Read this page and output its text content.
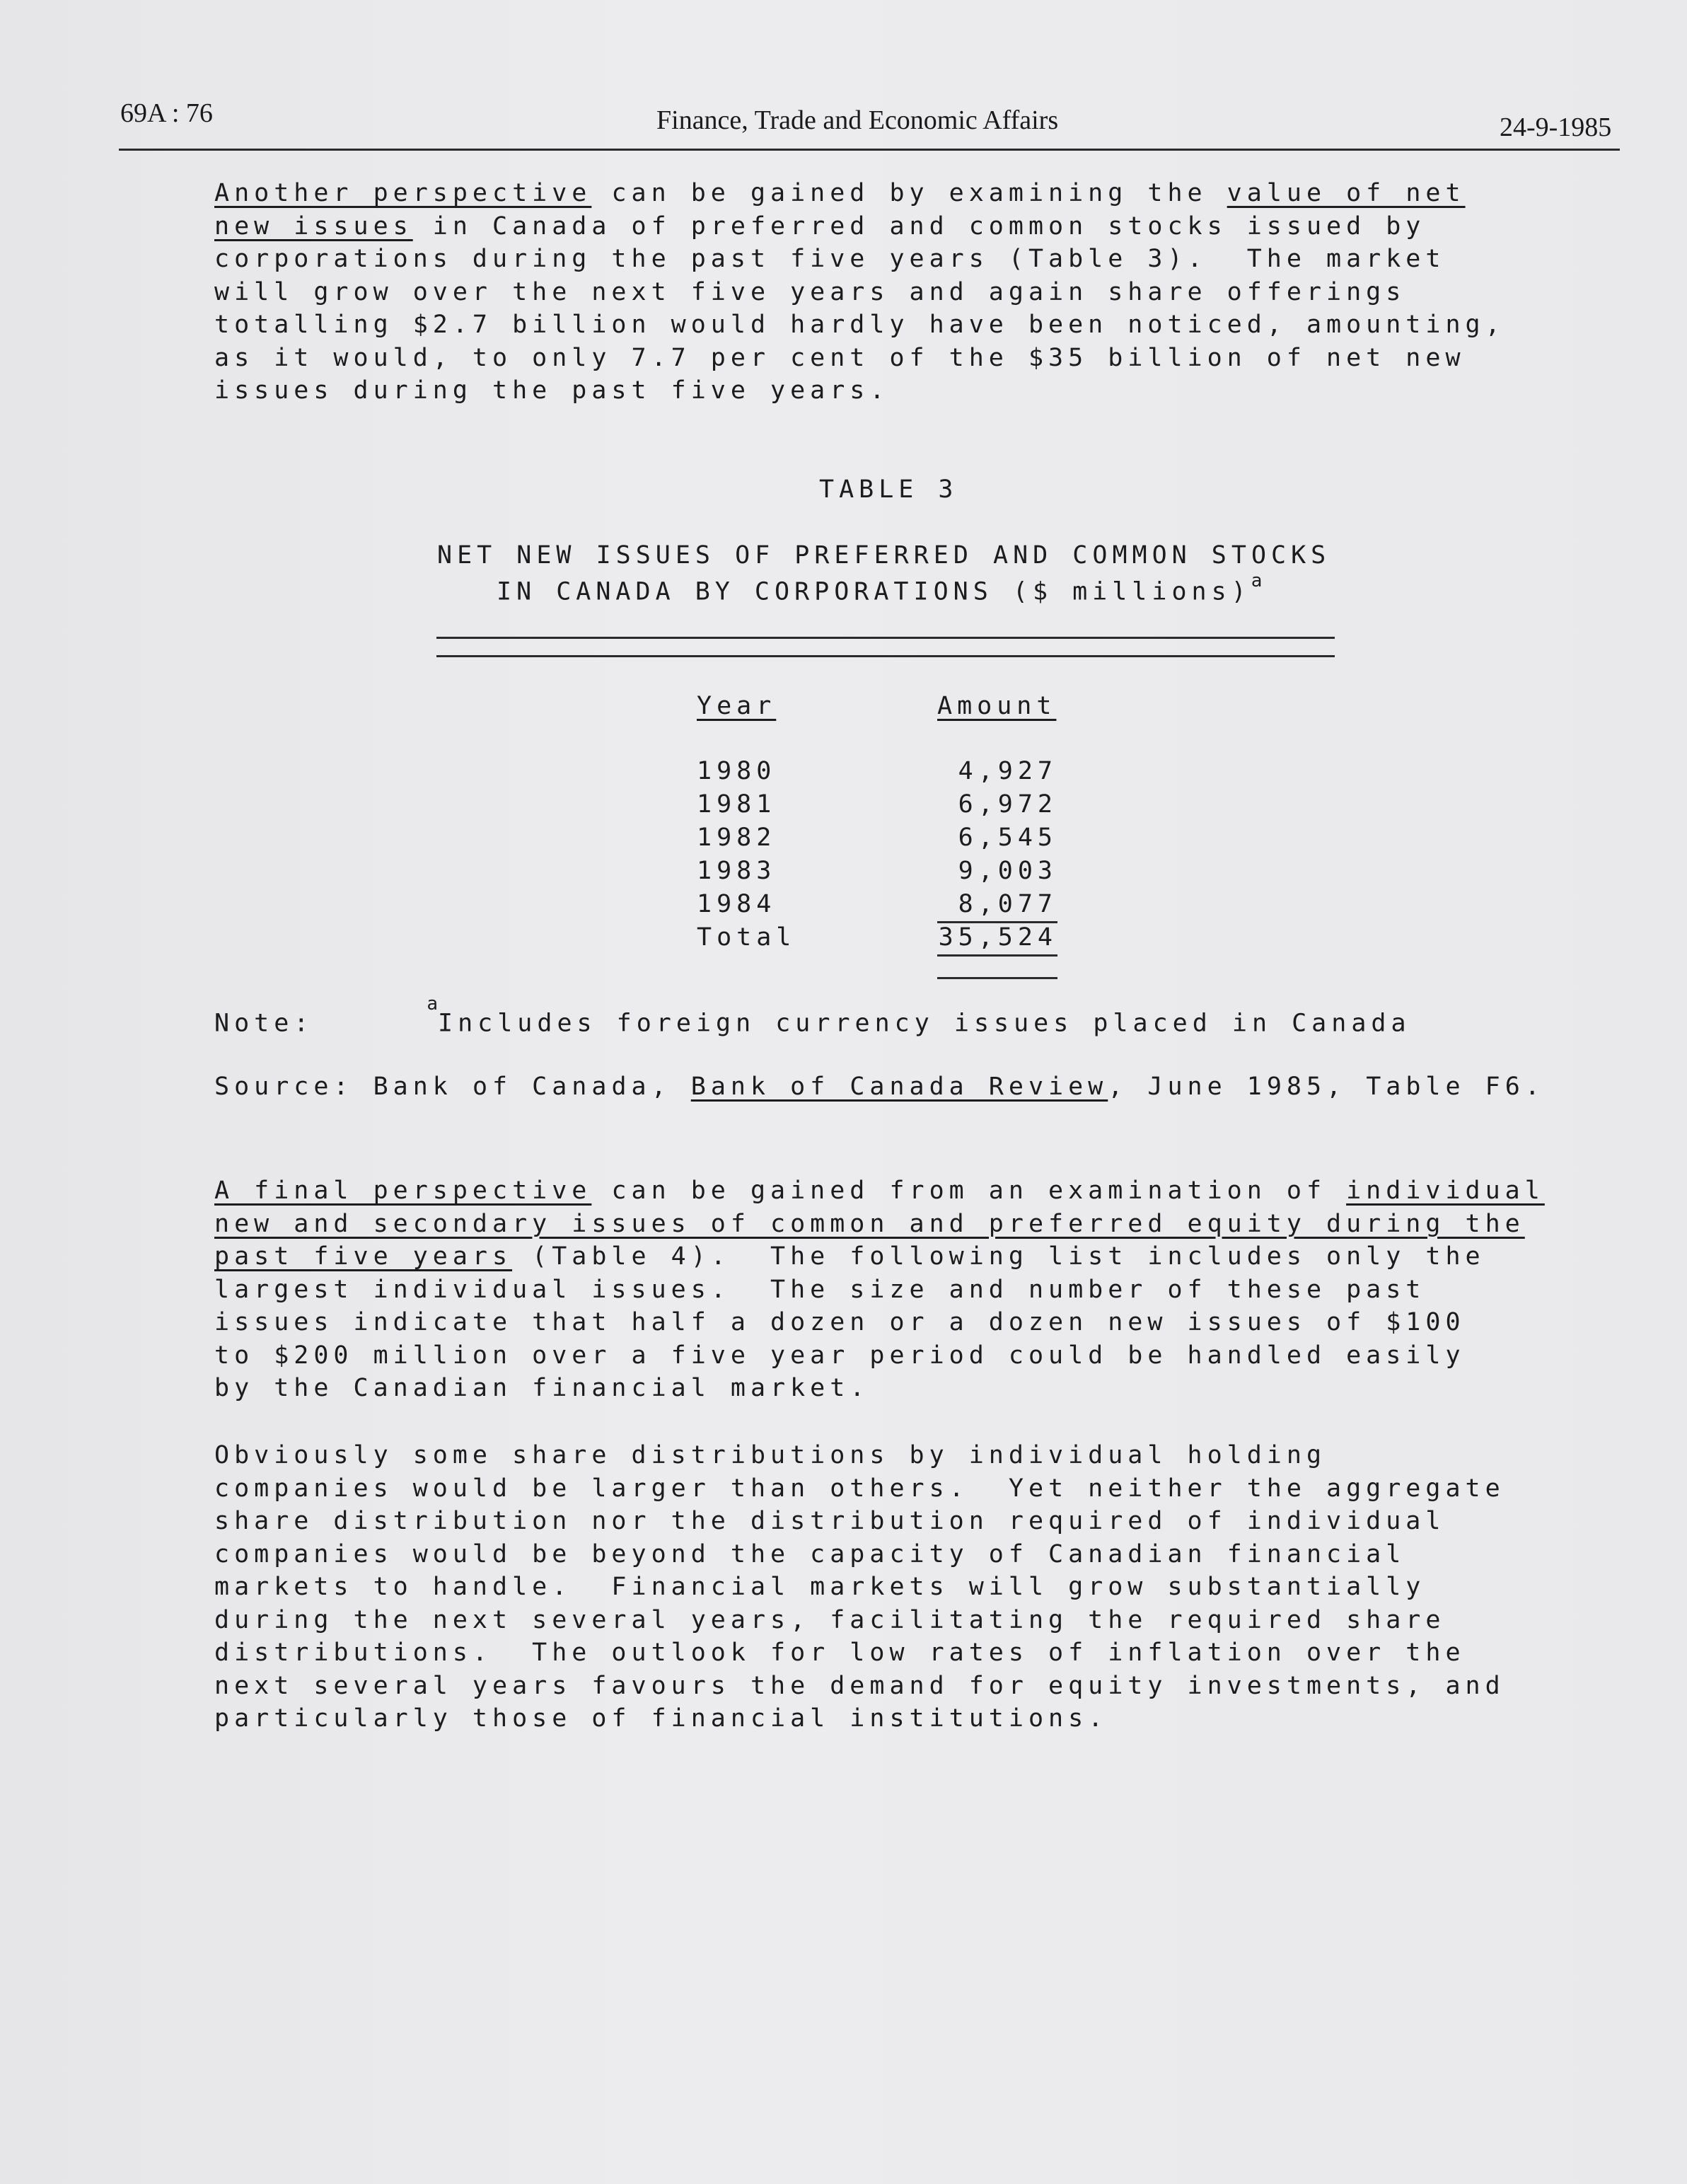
69A : 76	Finance, Trade and Economic Affairs	24-9-1985
Another perspective can be gained by examining the value of net
new issues in Canada of preferred and common stocks issued by
corporations during the past five years (Table 3).  The market
will grow over the next five years and again share offerings
totalling $2.7 billion would hardly have been noticed, amounting,
as it would, to only 7.7 per cent of the $35 billion of net new
issues during the past five years.
TABLE 3
NET NEW ISSUES OF PREFERRED AND COMMON STOCKS
IN CANADA BY CORPORATIONS ($ millions)$^a$
Year	Amount
1980	4,927
1981	6,972
1982	6,545
1983	9,003
1984	8,077
Total	35,524
Note:$^a$Includes foreign currency issues placed in Canada
Source: Bank of Canada, Bank of Canada Review, June 1985, Table F6.
A final perspective can be gained from an examination of individual
new and secondary issues of common and preferred equity during the
past five years (Table 4).  The following list includes only the
largest individual issues.  The size and number of these past
issues indicate that half a dozen or a dozen new issues of $100
to $200 million over a five year period could be handled easily
by the Canadian financial market.
Obviously some share distributions by individual holding
companies would be larger than others.  Yet neither the aggregate
share distribution nor the distribution required of individual
companies would be beyond the capacity of Canadian financial
markets to handle.  Financial markets will grow substantially
during the next several years, facilitating the required share
distributions.  The outlook for low rates of inflation over the
next several years favours the demand for equity investments, and
particularly those of financial institutions.
